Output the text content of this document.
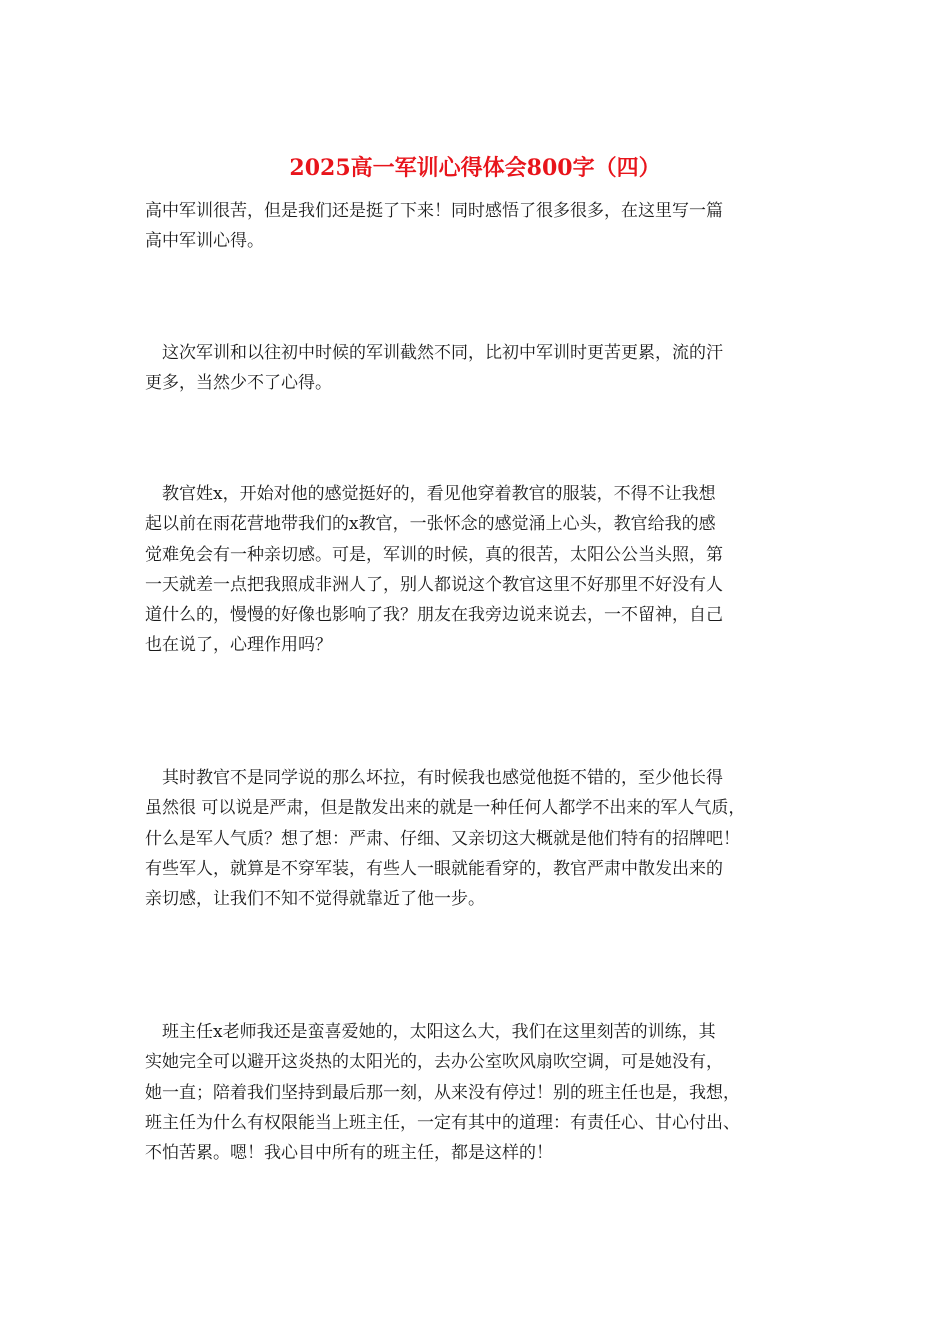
2025高一军训心得体会800字（四）
高中军训很苦，但是我们还是挺了下来！同时感悟了很多很多，在这里写一篇
高中军训心得。
　这次军训和以往初中时候的军训截然不同，比初中军训时更苦更累，流的汗
更多，当然少不了心得。
　教官姓x，开始对他的感觉挺好的，看见他穿着教官的服装，不得不让我想
起以前在雨花营地带我们的x教官，一张怀念的感觉涌上心头，教官给我的感
觉难免会有一种亲切感。可是，军训的时候，真的很苦，太阳公公当头照，第
一天就差一点把我照成非洲人了，别人都说这个教官这里不好那里不好没有人
道什么的，慢慢的好像也影响了我？朋友在我旁边说来说去，一不留神，自己
也在说了，心理作用吗？
　其时教官不是同学说的那么坏拉，有时候我也感觉他挺不错的，至少他长得
虽然很 可以说是严肃，但是散发出来的就是一种任何人都学不出来的军人气质，
什么是军人气质？想了想：严肃、仔细、又亲切这大概就是他们特有的招牌吧！
有些军人，就算是不穿军装，有些人一眼就能看穿的，教官严肃中散发出来的
亲切感，让我们不知不觉得就靠近了他一步。
　班主任x老师我还是蛮喜爱她的，太阳这么大，我们在这里刻苦的训练，其
实她完全可以避开这炎热的太阳光的，去办公室吹风扇吹空调，可是她没有，
她一直；陪着我们坚持到最后那一刻，从来没有停过！别的班主任也是，我想，
班主任为什么有权限能当上班主任，一定有其中的道理：有责任心、甘心付出、
不怕苦累。嗯！我心目中所有的班主任，都是这样的！
